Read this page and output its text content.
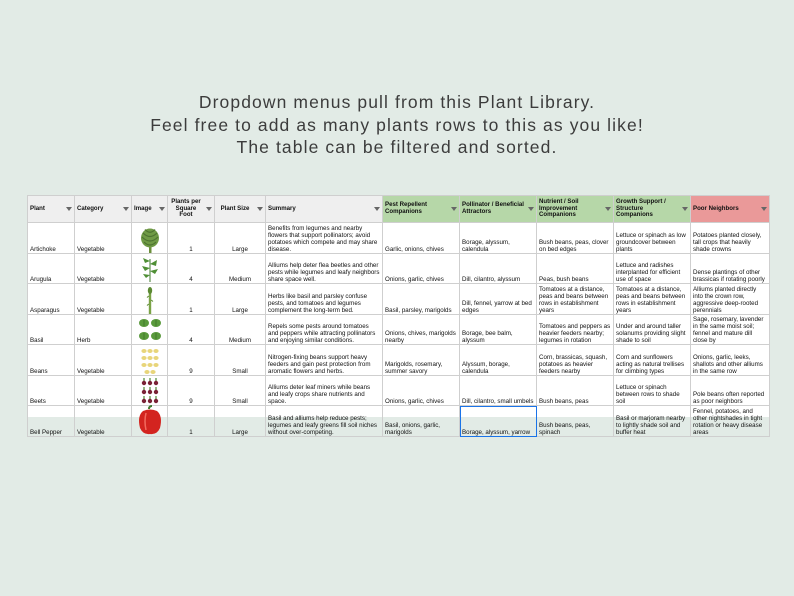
Dropdown menus pull from this Plant Library.
Feel free to add as many plants rows to this as you like!
The table can be filtered and sorted.
Plant	Category	Image	Plants per Square Foot	Plant Size	Summary	Pest Repellent Companions	Pollinator / Beneficial Attractors	Nutrient / Soil Improvement Companions	Growth Support / Structure Companions	Poor Neighbors

Artichoke	Vegetable		1	Large	Benefits from legumes and nearby flowers that support pollinators; avoid potatoes which compete and may share disease.	Garlic, onions, chives	Borage, alyssum, calendula	Bush beans, peas, clover on bed edges	Lettuce or spinach as low groundcover between plants	Potatoes planted closely, tall crops that heavily shade crowns
Arugula	Vegetable		4	Medium	Alliums help deter flea beetles and other pests while legumes and leafy neighbors share space well.	Onions, garlic, chives	Dill, cilantro, alyssum	Peas, bush beans	Lettuce and radishes interplanted for efficient use of space	Dense plantings of other brassicas if rotating poorly
Asparagus	Vegetable		1	Large	Herbs like basil and parsley confuse pests, and tomatoes and legumes complement the long-term bed.	Basil, parsley, marigolds	Dill, fennel, yarrow at bed edges	Tomatoes at a distance, peas and beans between rows in establishment years	Tomatoes at a distance, peas and beans between rows in establishment years	Alliums planted directly into the crown row, aggressive deep-rooted perennials
Basil	Herb		4	Medium	Repels some pests around tomatoes and peppers while attracting pollinators and enjoying similar conditions.	Onions, chives, marigolds nearby	Borage, bee balm, alyssum	Tomatoes and peppers as heavier feeders nearby; legumes in rotation	Under and around taller solanums providing slight shade to soil	Sage, rosemary, lavender in the same moist soil; fennel and mature dill close by
Beans	Vegetable		9	Small	Nitrogen-fixing beans support heavy feeders and gain pest protection from aromatic flowers and herbs.	Marigolds, rosemary, summer savory	Alyssum, borage, calendula	Corn, brassicas, squash, potatoes as heavier feeders nearby	Corn and sunflowers acting as natural trellises for climbing types	Onions, garlic, leeks, shallots and other alliums in the same row
Beets	Vegetable		9	Small	Alliums deter leaf miners while beans and leafy crops share nutrients and space.	Onions, garlic, chives	Dill, cilantro, small umbels	Bush beans, peas	Lettuce or spinach between rows to shade soil	Pole beans often reported as poor neighbors
Bell Pepper	Vegetable		1	Large	Basil and alliums help reduce pests; legumes and leafy greens fill soil niches without over-competing.	Basil, onions, garlic, marigolds	Borage, alyssum, yarrow	Bush beans, peas, spinach	Basil or marjoram nearby to lightly shade soil and buffer heat	Fennel, potatoes, and other nightshades in tight rotation or heavy disease areas
